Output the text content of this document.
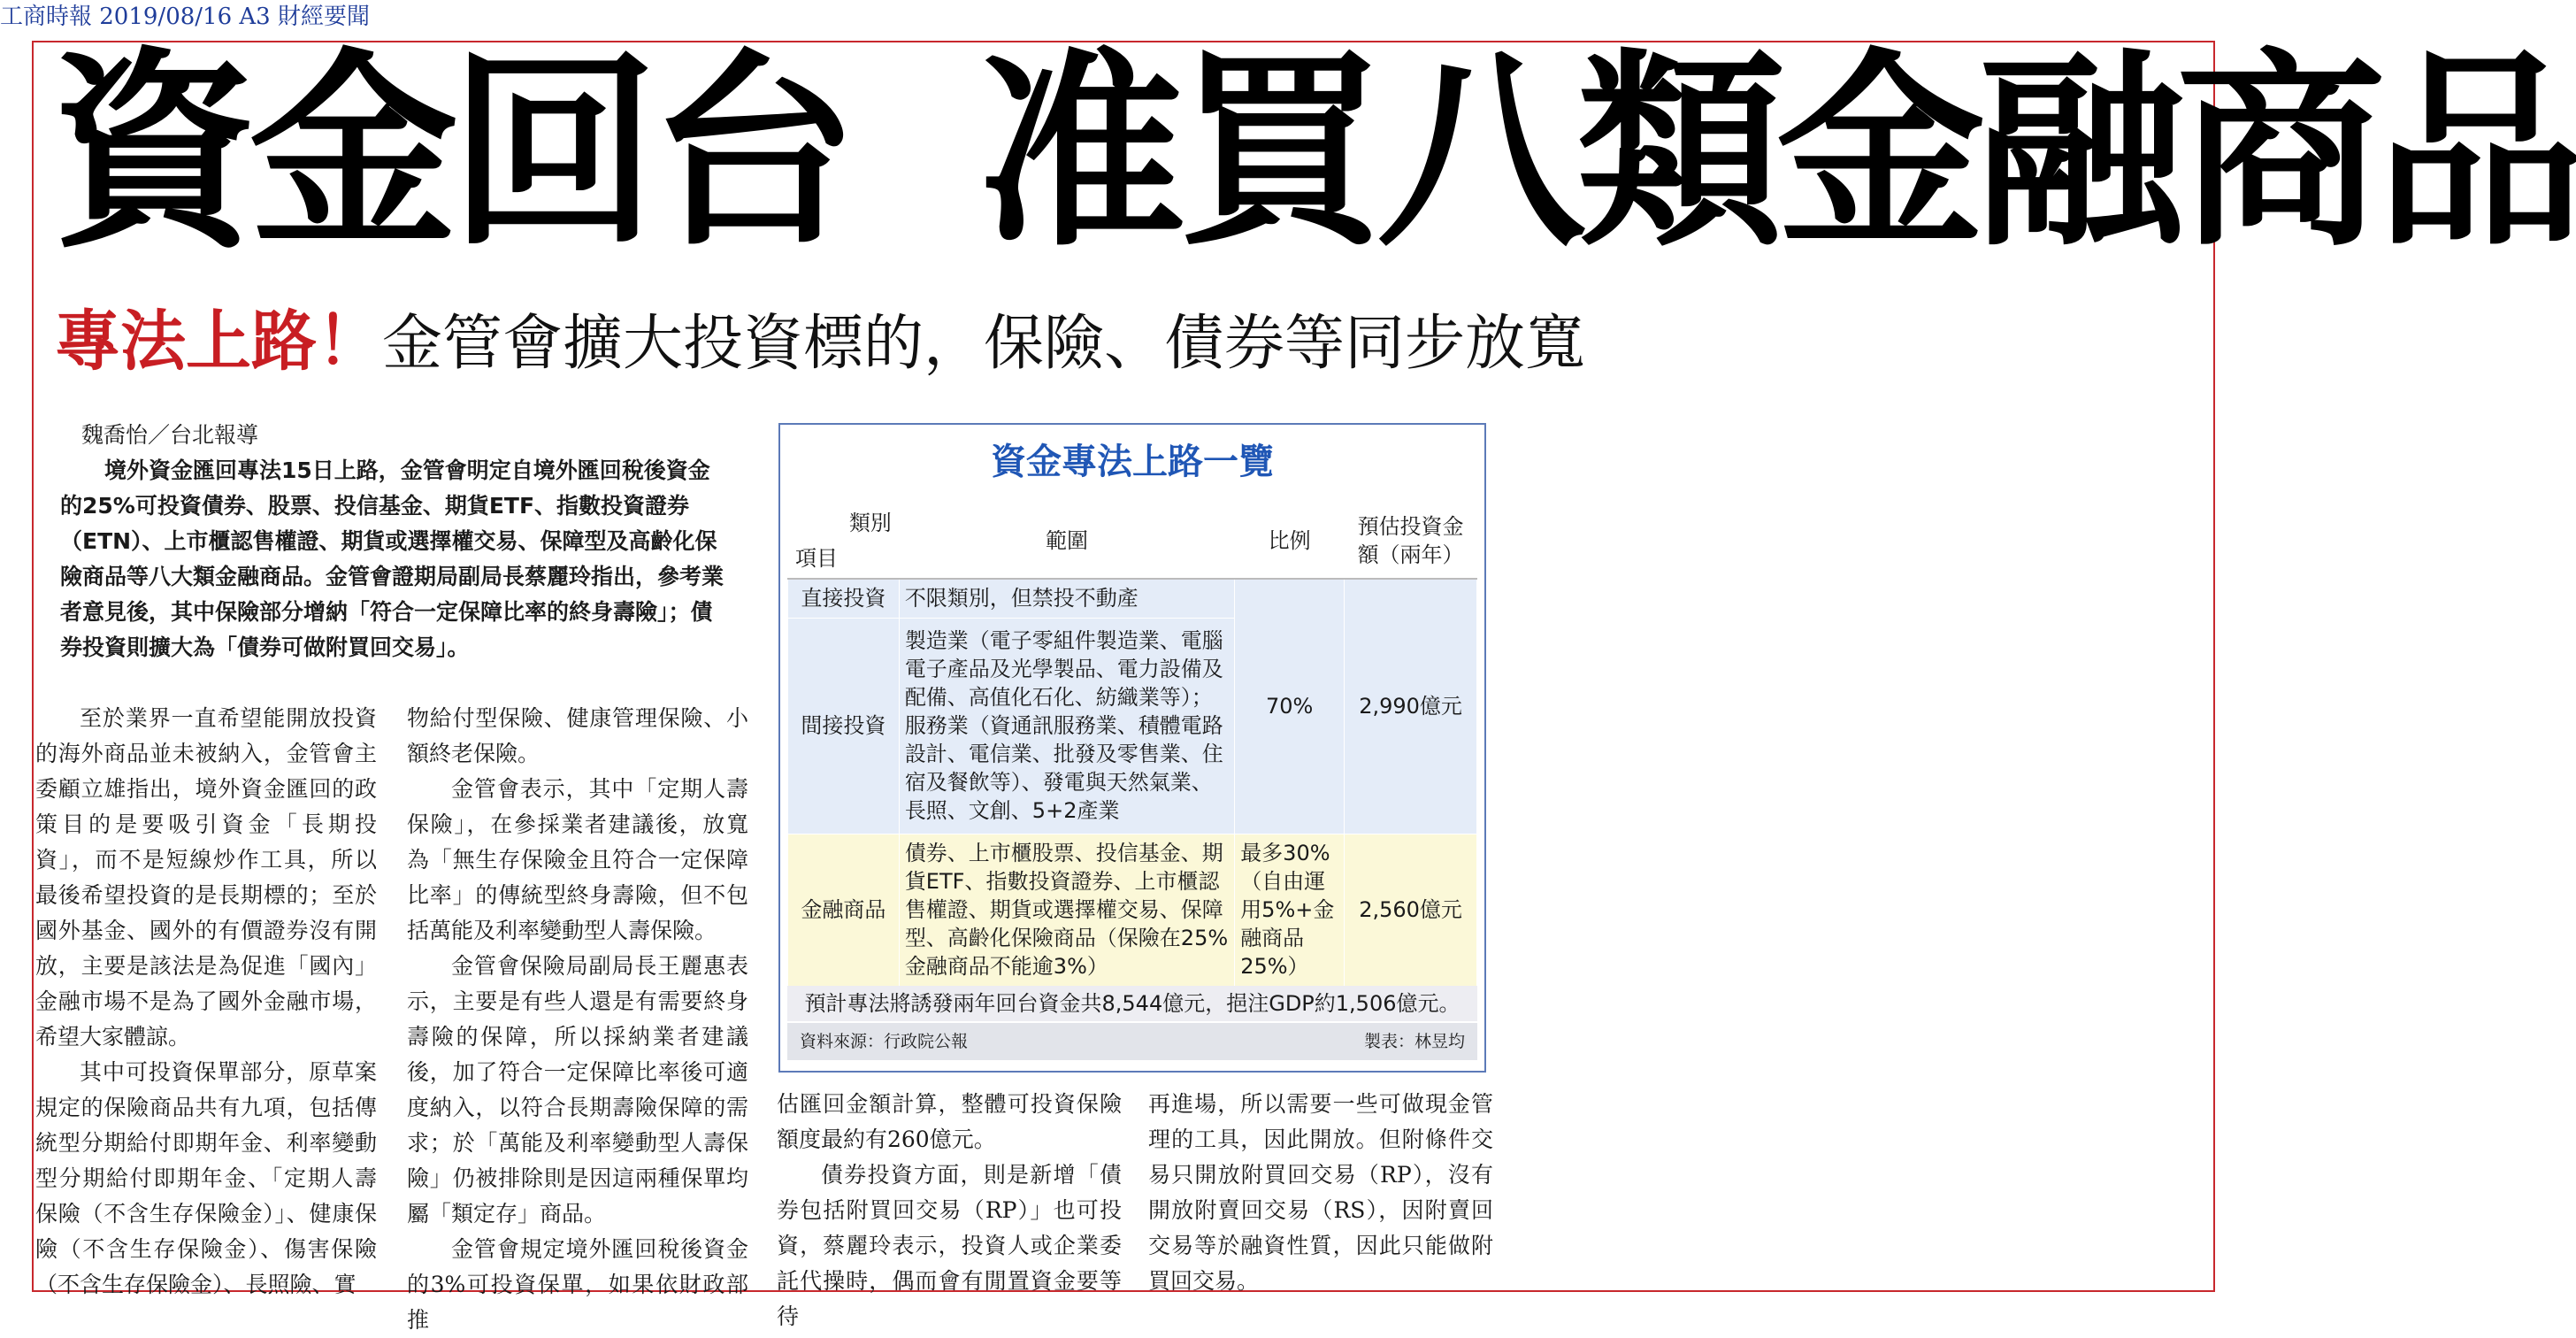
工商時報 2019/08/16 A3 財經要聞
資金回台  准買八類金融商品
專法上路！金管會擴大投資標的，保險、債券等同步放寬
魏喬怡／台北報導

境外資金匯回專法15日上路，金管會明定自境外匯回稅後資金的25%可投資債券、股票、投信基金、期貨ETF、指數投資證券（ETN）、上市櫃認售權證、期貨或選擇權交易、保障型及高齡化保險商品等八大類金融商品。金管會證期局副局長蔡麗玲指出，參考業者意見後，其中保險部分增納「符合一定保障比率的終身壽險」；債券投資則擴大為「債券可做附買回交易」。

至於業界一直希望能開放投資的海外商品並未被納入，金管會主委顧立雄指出，境外資金匯回的政策目的是要吸引資金「長期投資」，而不是短線炒作工具，所以最後希望投資的是長期標的；至於國外基金、國外的有價證券沒有開放，主要是該法是為促進「國內」金融市場不是為了國外金融市場，希望大家體諒。

其中可投資保單部分，原草案規定的保險商品共有九項，包括傳統型分期給付即期年金、利率變動型分期給付即期年金、「定期人壽保險（不含生存保險金）」、健康保險（不含生存保險金）、傷害保險（不含生存保險金）、長照險、實

物給付型保險、健康管理保險、小額終老保險。

金管會表示，其中「定期人壽保險」，在參採業者建議後，放寬為「無生存保險金且符合一定保障比率」的傳統型終身壽險，但不包括萬能及利率變動型人壽保險。

金管會保險局副局長王麗惠表示，主要是有些人還是有需要終身壽險的保障，所以採納業者建議後，加了符合一定保障比率後可適度納入，以符合長期壽險保障的需求；於「萬能及利率變動型人壽保險」仍被排除則是因這兩種保單均屬「類定存」商品。

金管會規定境外匯回稅後資金的3%可投資保單，如果依財政部推

估匯回金額計算，整體可投資保險額度最約有260億元。

債券投資方面，則是新增「債券包括附買回交易（RP）」也可投資，蔡麗玲表示，投資人或企業委託代操時，偶而會有閒置資金要等待

再進場，所以需要一些可做現金管理的工具，因此開放。但附條件交易只開放附買回交易（RP），沒有開放附賣回交易（RS），因附賣回交易等於融資性質，因此只能做附買回交易。

資金專法上路一覽
類別
項目	範圍	比例	預估投資金額（兩年）
直接投資	不限類別，但禁投不動產	70%	2,990億元
間接投資	製造業（電子零組件製造業、電腦電子產品及光學製品、電力設備及配備、高值化石化、紡織業等）；服務業（資通訊服務業、積體電路設計、電信業、批發及零售業、住宿及餐飲等）、發電與天然氣業、長照、文創、5+2產業		
金融商品	債券、上市櫃股票、投信基金、期貨ETF、指數投資證券、上市櫃認售權證、期貨或選擇權交易、保障型、高齡化保險商品（保險在25%金融商品不能逾3%）	最多30%（自由運用5%+金融商品25%）	2,560億元
預計專法將誘發兩年回台資金共8,544億元，挹注GDP約1,506億元。
資料來源：行政院公報	製表：林昱均
